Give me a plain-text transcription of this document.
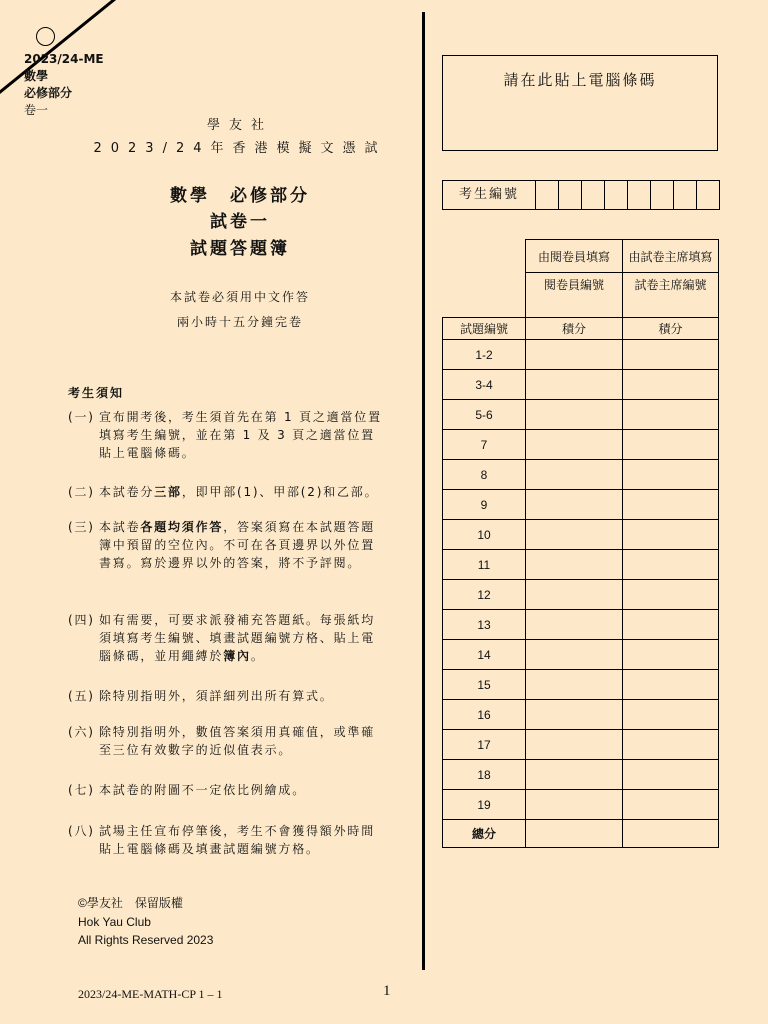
2023/24-ME
數學
必修部分
卷一
學友社
2023/24年香港模擬文憑試
數學　必修部分
試卷一
試題答題簿
本試卷必須用中文作答
兩小時十五分鐘完卷
考生須知
(一) 宣布開考後，考生須首先在第 1 頁之適當位置填寫考生編號，並在第 1 及 3 頁之適當位置貼上電腦條碼。
(二) 本試卷分三部，即甲部(1)、甲部(2)和乙部。
(三) 本試卷各題均須作答，答案須寫在本試題答題簿中預留的空位內。不可在各頁邊界以外位置書寫。寫於邊界以外的答案，將不予評閱。
(四) 如有需要，可要求派發補充答題紙。每張紙均須填寫考生編號、填畫試題編號方格、貼上電腦條碼，並用繩縛於簿內。
(五) 除特別指明外，須詳細列出所有算式。
(六) 除特別指明外，數值答案須用真確值，或準確至三位有效數字的近似值表示。
(七) 本試卷的附圖不一定依比例繪成。
(八) 試場主任宣布停筆後，考生不會獲得額外時間貼上電腦條碼及填畫試題編號方格。
©學友社　保留版權
Hok Yau Club
All Rights Reserved 2023
2023/24-ME-MATH-CP 1 – 1	1
請在此貼上電腦條碼
考生編號
	由閱卷員填寫	由試卷主席填寫
	閱卷員編號	試卷主席編號
試題編號	積分	積分
1-2		
3-4		
5-6		
7		
8		
9		
10		
11		
12		
13		
14		
15		
16		
17		
18		
19		
總分		
